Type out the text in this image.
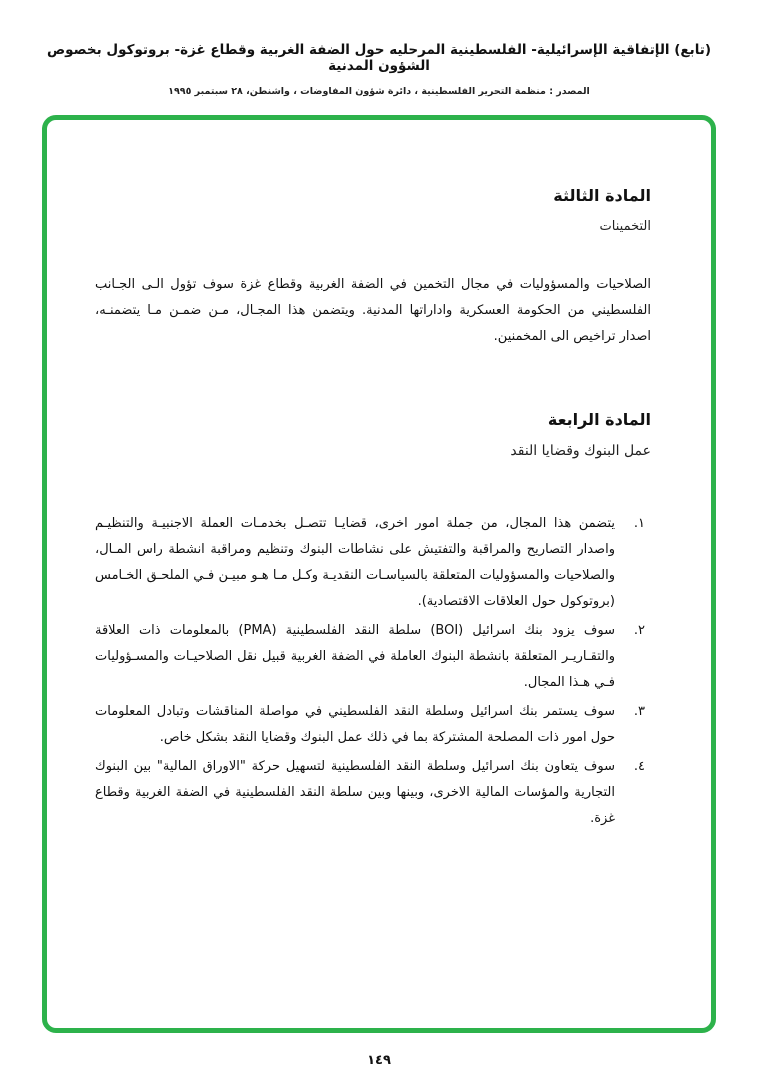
(تابع) الإتفاقية الإسرائيلية- الفلسطينية المرحليه حول الضفة الغربية وقطاع غزة- بروتوكول بخصوص الشؤون المدنية
المصدر : منظمة التحرير الفلسطينية ، دائرة شؤون المفاوضات ، واشنطن، ٢٨ سبتمبر ١٩٩٥
المادة الثالثة
التخمينات

الصلاحيات والمسؤوليات في مجال التخمين في الضفة الغربية وقطاع غزة سوف تؤول الـى الجـانب الفلسطيني من الحكومة العسكرية واداراتها المدنية. ويتضمن هذا المجـال، مـن ضمـن مـا يتضمنـه، اصدار تراخيص الى المخمنين.

المادة الرابعة
عمل البنوك وقضايا النقد
١.
يتضمن هذا المجال، من جملة امور اخرى، قضايـا تتصـل بخدمـات العملة الاجنبيـة والتنظيـم واصدار التصاريح والمراقبة والتفتيش على نشاطات البنوك وتنظيم ومراقبة انشطة راس المـال، والصلاحيات والمسؤوليات المتعلقة بالسياسـات النقديـة وكـل مـا هـو مبيـن فـي الملحـق الخـامس (بروتوكول حول العلاقات الاقتصادية).
٢.
سوف يزود بنك اسرائيل (BOI) سلطة النقد الفلسطينية (PMA) بالمعلومات ذات العلاقة والتقـاريـر المتعلقة بانشطة البنوك العاملة في الضفة الغربية قبيل نقل الصلاحيـات والمسـؤوليات فـي هـذا المجال.
٣.
سوف يستمر بنك اسرائيل وسلطة النقد الفلسطيني في مواصلة المناقشات وتبادل المعلومات حول امور ذات المصلحة المشتركة بما في ذلك عمل البنوك وقضايا النقد بشكل خاص.
٤.
سوف يتعاون بنك اسرائيل وسلطة النقد الفلسطينية لتسهيل حركة "الاوراق المالية" بين البنوك التجارية والمؤسات المالية الاخرى، وبينها وبين سلطة النقد الفلسطينية في الضفة الغربية وقطاع غزة.
١٤٩
